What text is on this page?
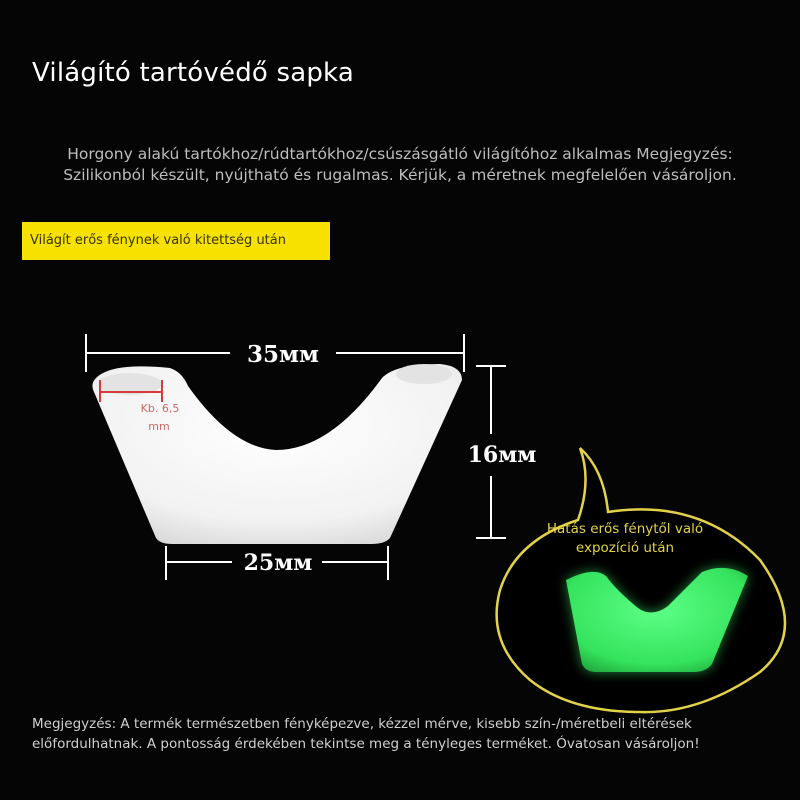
Világító tartóvédő sapka
Horgony alakú tartókhoz/rúdtartókhoz/csúszásgátló világítóhoz alkalmas Megjegyzés:
Szilikonból készült, nyújtható és rugalmas. Kérjük, a méretnek megfelelően vásároljon.
Világít erős fénynek való kitettség után
35мм
25мм
16мм
Kb. 6,5
mm
Hatás erős fénytől való
expozíció után
Megjegyzés: A termék természetben fényképezve, kézzel mérve, kisebb szín-/méretbeli eltérések
előfordulhatnak. A pontosság érdekében tekintse meg a tényleges terméket. Óvatosan vásároljon!
